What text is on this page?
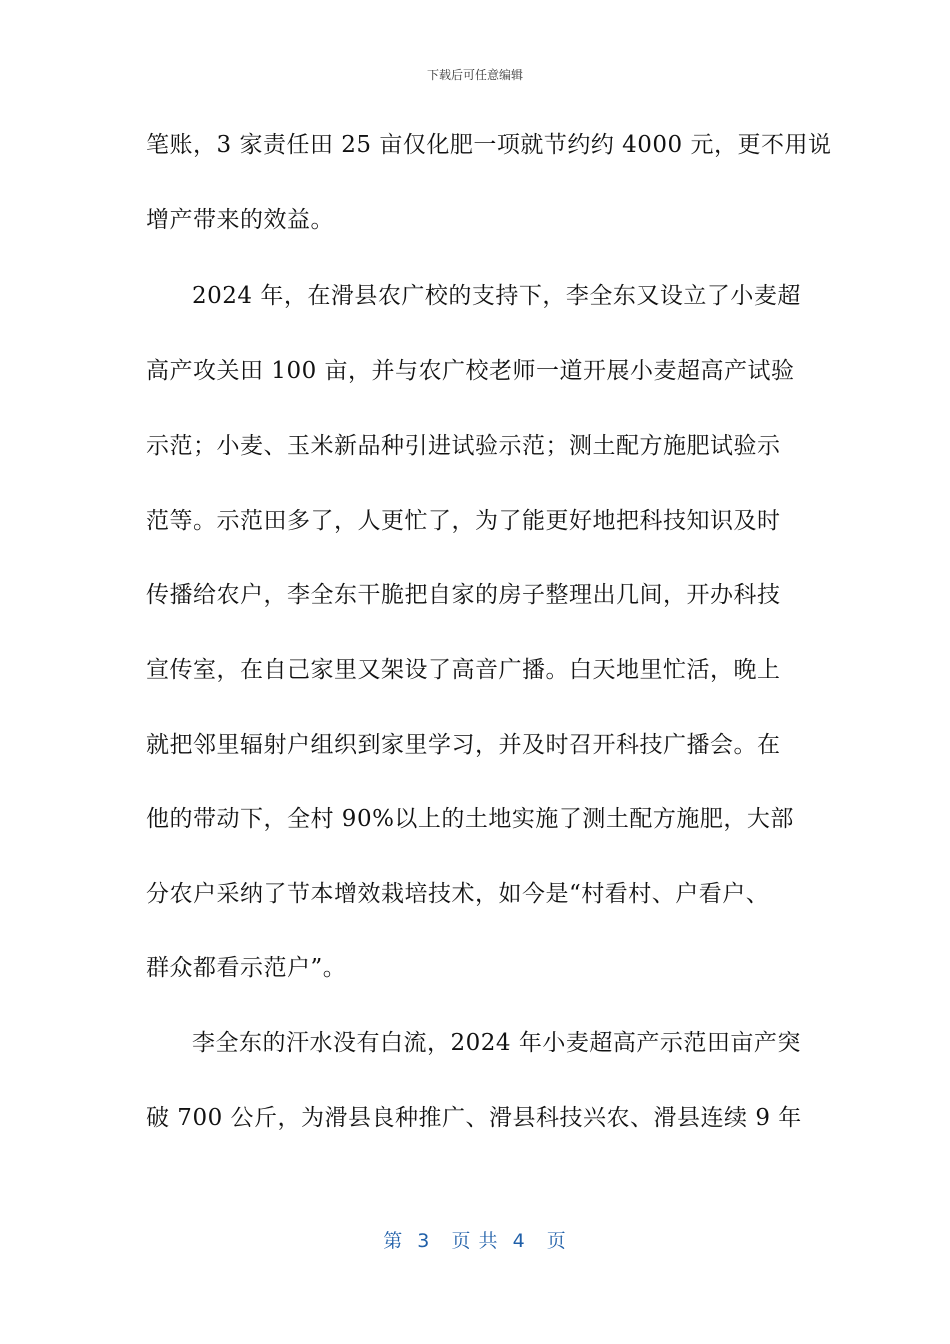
下载后可任意编辑
笔账，3 家责任田 25 亩仅化肥一项就节约约 4000 元，更不用说
增产带来的效益。
2024 年，在滑县农广校的支持下，李全东又设立了小麦超
高产攻关田 100 亩，并与农广校老师一道开展小麦超高产试验
示范；小麦、玉米新品种引进试验示范；测土配方施肥试验示
范等。示范田多了，人更忙了，为了能更好地把科技知识及时
传播给农户，李全东干脆把自家的房子整理出几间，开办科技
宣传室，在自己家里又架设了高音广播。白天地里忙活，晚上
就把邻里辐射户组织到家里学习，并及时召开科技广播会。在
他的带动下，全村 90%以上的土地实施了测土配方施肥，大部
分农户采纳了节本增效栽培技术，如今是“村看村、户看户、
群众都看示范户”。
李全东的汗水没有白流，2024 年小麦超高产示范田亩产突
破 700 公斤，为滑县良种推广、滑县科技兴农、滑县连续 9 年
第  3   页 共  4   页
